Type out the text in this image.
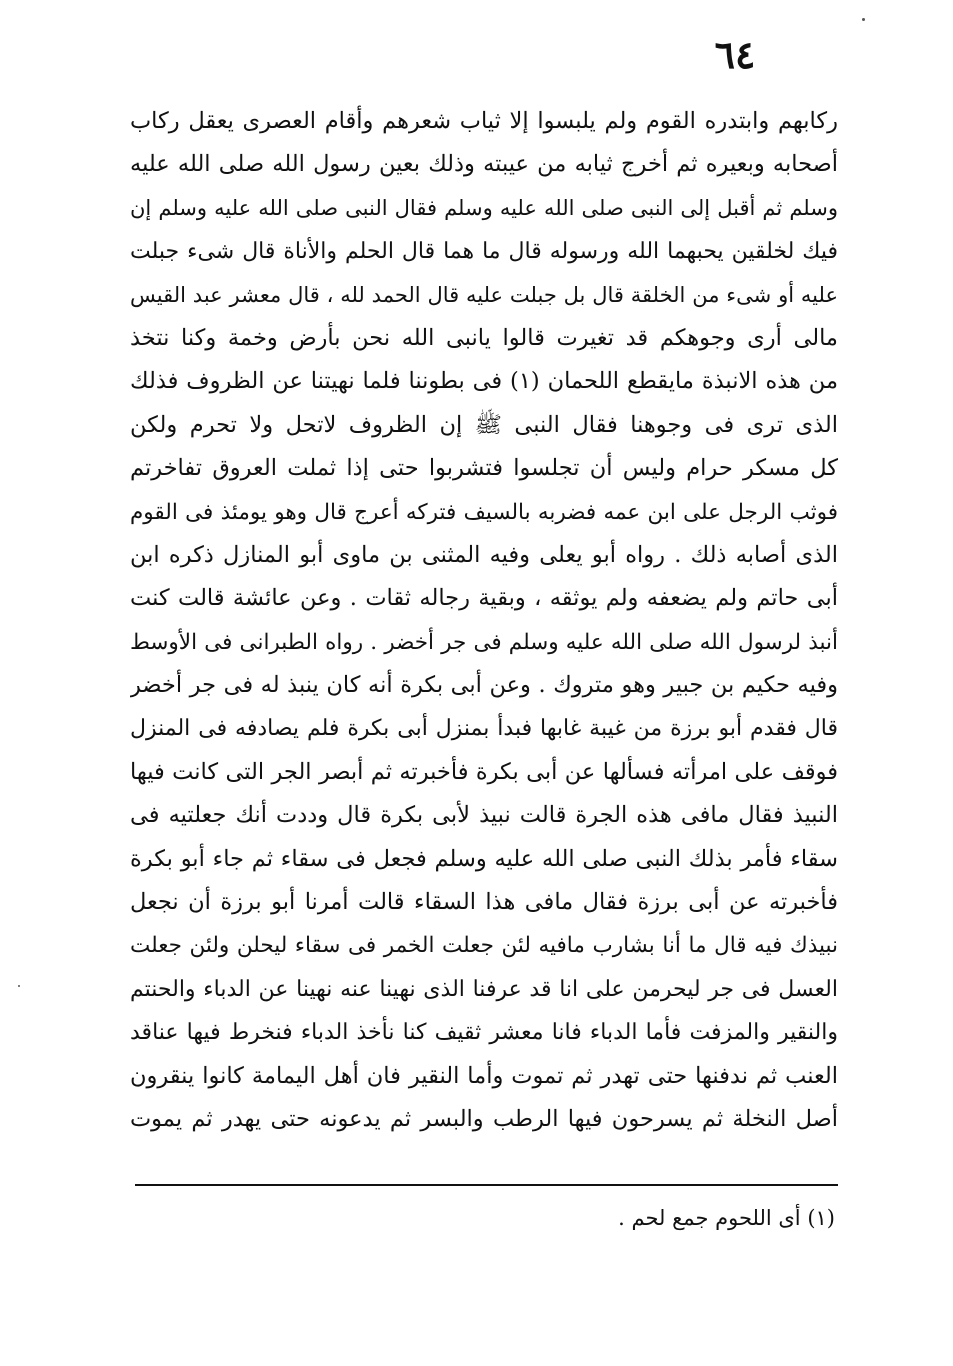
٦٤
ركابهم وابتدره القوم ولم يلبسوا إلا ثياب شعرهم وأقام العصرى يعقل ركاب
أصحابه وبعيره ثم أخرج ثيابه من عيبته وذلك بعين رسول الله صلى الله عليه
وسلم ثم أقبل إلى النبى صلى الله عليه وسلم فقال النبى صلى الله عليه وسلم إن
فيك لخلقين يحبهما الله ورسوله قال ما هما قال الحلم والأناة قال شىء جبلت
عليه أو شىء من الخلقة قال بل جبلت عليه قال الحمد لله ، قال معشر عبد القيس
مالى أرى وجوهكم قد تغيرت قالوا يانبى الله نحن بأرض وخمة وكنا نتخذ
من هذه الانبذة مايقطع اللحمان (١) فى بطوننا فلما نهيتنا عن الظروف فذلك
الذى ترى فى وجوهنا فقال النبى ﷺ إن الظروف لاتحل ولا تحرم ولكن
كل مسكر حرام وليس أن تجلسوا فتشربوا حتى إذا ثملت العروق تفاخرتم
فوثب الرجل على ابن عمه فضربه بالسيف فتركه أعرج قال وهو يومئذ فى القوم
الذى أصابه ذلك . رواه أبو يعلى وفيه المثنى بن ماوى أبو المنازل ذكره ابن
أبى حاتم ولم يضعفه ولم يوثقه ، وبقية رجاله ثقات . وعن عائشة قالت كنت
أنبذ لرسول الله صلى الله عليه وسلم فى جر أخضر . رواه الطبرانى فى الأوسط
وفيه حكيم بن جبير وهو متروك . وعن أبى بكرة أنه كان ينبذ له فى جر أخضر
قال فقدم أبو برزة من غيبة غابها فبدأ بمنزل أبى بكرة فلم يصادفه فى المنزل
فوقف على امرأته فسألها عن أبى بكرة فأخبرته ثم أبصر الجر التى كانت فيها
النبيذ فقال مافى هذه الجرة قالت نبيذ لأبى بكرة قال وددت أنك جعلتيه فى
سقاء فأمر بذلك النبى صلى الله عليه وسلم فجعل فى سقاء ثم جاء أبو بكرة
فأخبرته عن أبى برزة فقال مافى هذا السقاء قالت أمرنا أبو برزة أن نجعل
نبيذك فيه قال ما أنا بشارب مافيه لئن جعلت الخمر فى سقاء ليحلن ولئن جعلت
العسل فى جر ليحرمن على انا قد عرفنا الذى نهينا عنه نهينا عن الدباء والحنتم
والنقير والمزفت فأما الدباء فانا معشر ثقيف كنا نأخذ الدباء فنخرط فيها عناقد
العنب ثم ندفنها حتى تهدر ثم تموت وأما النقير فان أهل اليمامة كانوا ينقرون
أصل النخلة ثم يسرحون فيها الرطب والبسر ثم يدعونه حتى يهدر ثم يموت
(١) أى اللحوم جمع لحم .
